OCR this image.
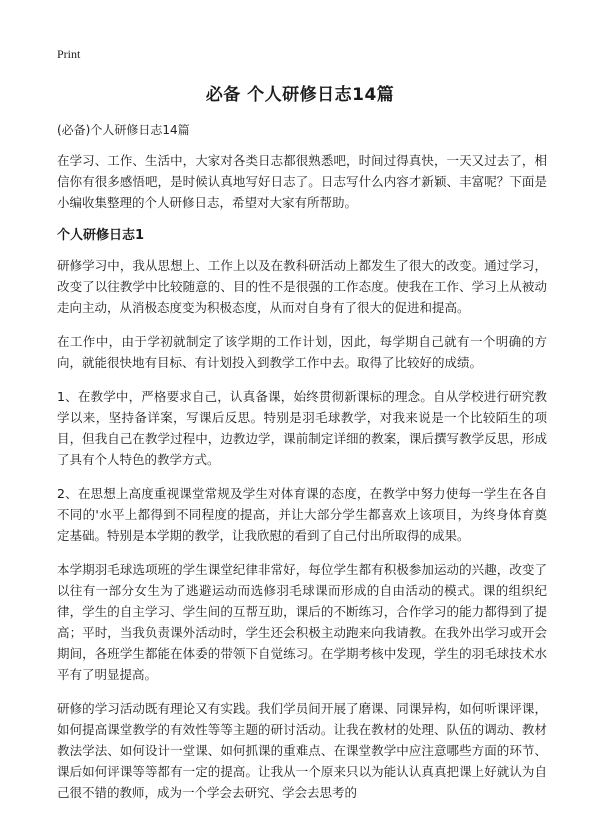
Print
必备 个人研修日志14篇
(必备)个人研修日志14篇

在学习、工作、生活中，大家对各类日志都很熟悉吧，时间过得真快，一天又过去了，相信你有很多感悟吧，是时候认真地写好日志了。日志写什么内容才新颖、丰富呢？下面是小编收集整理的个人研修日志，希望对大家有所帮助。

个人研修日志1

研修学习中，我从思想上、工作上以及在教科研活动上都发生了很大的改变。通过学习，改变了以往教学中比较随意的、目的性不是很强的工作态度。使我在工作、学习上从被动走向主动，从消极态度变为积极态度，从而对自身有了很大的促进和提高。

在工作中，由于学初就制定了该学期的工作计划，因此，每学期自己就有一个明确的方向，就能很快地有目标、有计划投入到教学工作中去。取得了比较好的成绩。

1、在教学中，严格要求自己，认真备课，始终贯彻新课标的理念。自从学校进行研究教学以来，坚持备详案，写课后反思。特别是羽毛球教学，对我来说是一个比较陌生的项目，但我自己在教学过程中，边教边学，课前制定详细的教案，课后撰写教学反思，形成了具有个人特色的教学方式。

2、在思想上高度重视课堂常规及学生对体育课的态度，在教学中努力使每一学生在各自不同的'水平上都得到不同程度的提高，并让大部分学生都喜欢上该项目，为终身体育奠定基础。特别是本学期的教学，让我欣慰的看到了自己付出所取得的成果。

本学期羽毛球选项班的学生课堂纪律非常好，每位学生都有积极参加运动的兴趣，改变了以往有一部分女生为了逃避运动而选修羽毛球课而形成的自由活动的模式。课的组织纪律，学生的自主学习、学生间的互帮互助，课后的不断练习，合作学习的能力都得到了提高；平时，当我负责课外活动时，学生还会积极主动跑来向我请教。在我外出学习或开会期间，各班学生都能在体委的带领下自觉练习。在学期考核中发现，学生的羽毛球技术水平有了明显提高。

研修的学习活动既有理论又有实践。我们学员间开展了磨课、同课异构，如何听课评课，如何提高课堂教学的有效性等等主题的研讨活动。让我在教材的处理、队伍的调动、教材教法学法、如何设计一堂课、如何抓课的重难点、在课堂教学中应注意哪些方面的环节、课后如何评课等等都有一定的提高。让我从一个原来只以为能认认真真把课上好就认为自己很不错的教师，成为一个学会去研究、学会去思考的
